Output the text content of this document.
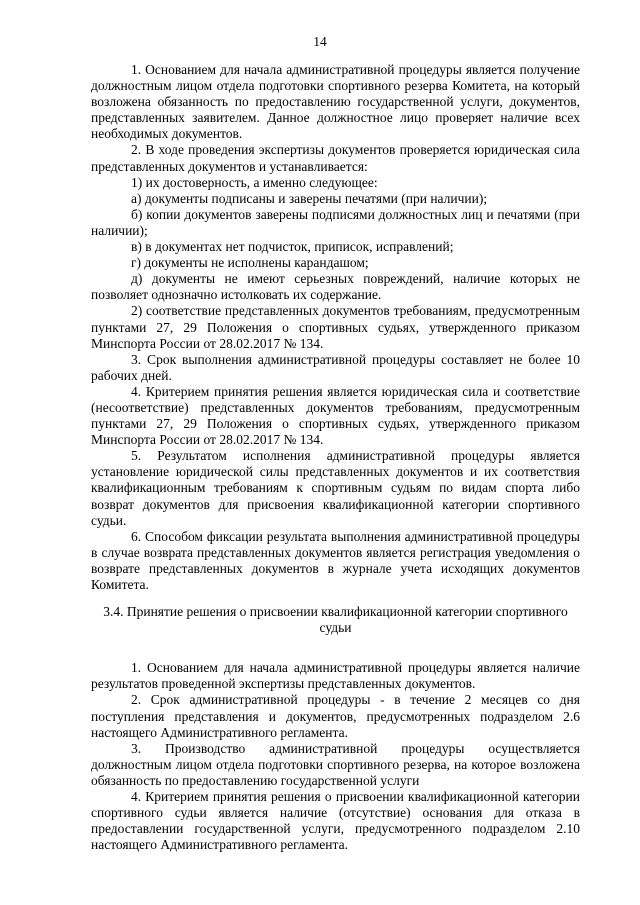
14

1. Основанием для начала административной процедуры является получение должностным лицом отдела подготовки спортивного резерва Комитета, на который возложена обязанность по предоставлению государственной услуги, документов, представленных заявителем. Данное должностное лицо проверяет наличие всех необходимых документов.

2. В ходе проведения экспертизы документов проверяется юридическая сила представленных документов и устанавливается:

1) их достоверность, а именно следующее:

а) документы подписаны и заверены печатями (при наличии);

б) копии документов заверены подписями должностных лиц и печатями (при наличии);

в) в документах нет подчисток, приписок, исправлений;

г) документы не исполнены карандашом;

д) документы не имеют серьезных повреждений, наличие которых не позволяет однозначно истолковать их содержание.

2) соответствие представленных документов требованиям, предусмотренным пунктами 27, 29 Положения о спортивных судьях, утвержденного приказом Минспорта России от 28.02.2017 № 134.

3. Срок выполнения административной процедуры составляет не более 10 рабочих дней.

4. Критерием принятия решения является юридическая сила и соответствие (несоответствие) представленных документов требованиям, предусмотренным пунктами 27, 29 Положения о спортивных судьях, утвержденного приказом Минспорта России от 28.02.2017 № 134.

5. Результатом исполнения административной процедуры является установление юридической силы представленных документов и их соответствия квалификационным требованиям к спортивным судьям по видам спорта либо возврат документов для присвоения квалификационной категории спортивного судьи.

6. Способом фиксации результата выполнения административной процедуры в случае возврата представленных документов является регистрация уведомления о возврате представленных документов в журнале учета исходящих документов Комитета.

3.4. Принятие решения о присвоении квалификационной категории спортивного судьи

1. Основанием для начала административной процедуры является наличие результатов проведенной экспертизы представленных документов.

2. Срок административной процедуры - в течение 2 месяцев со дня поступления представления и документов, предусмотренных подразделом 2.6 настоящего Административного регламента.

3. Производство административной процедуры осуществляется должностным лицом отдела подготовки спортивного резерва, на которое возложена обязанность по предоставлению государственной услуги

4. Критерием принятия решения о присвоении квалификационной категории спортивного судьи является наличие (отсутствие) основания для отказа в предоставлении государственной услуги, предусмотренного подразделом 2.10 настоящего Административного регламента.
